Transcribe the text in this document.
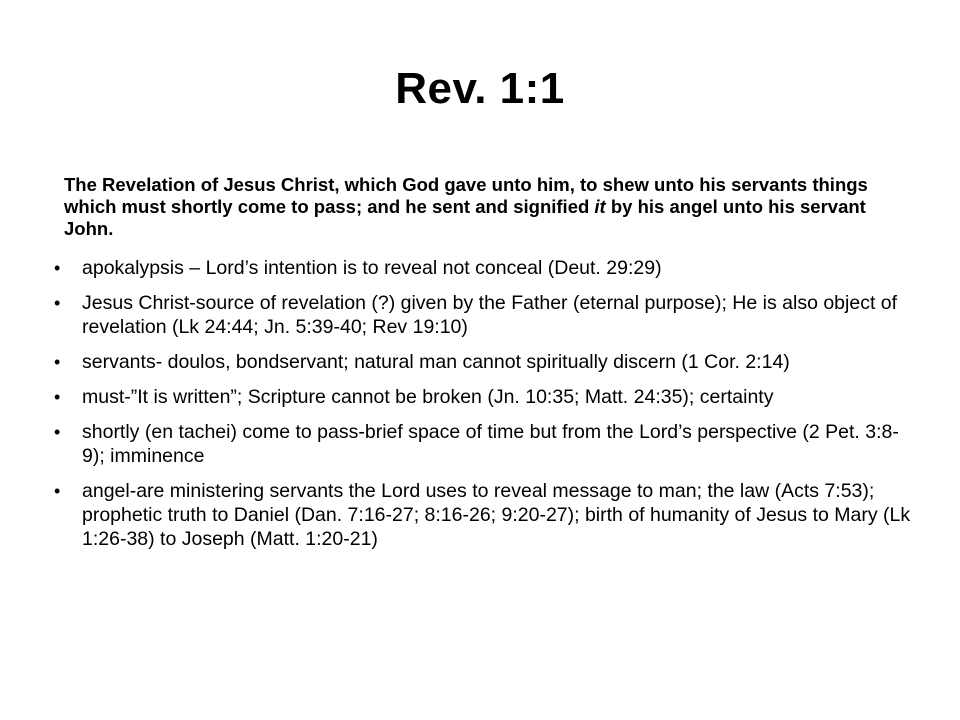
Rev. 1:1
The Revelation of Jesus Christ, which God gave unto him, to shew unto his servants things which must shortly come to pass; and he sent and signified it by his angel unto his servant John.
•	apokalypsis – Lord’s intention is to reveal not conceal (Deut. 29:29)
•	Jesus Christ-source of revelation (?) given by the Father (eternal purpose); He is also object of revelation (Lk 24:44; Jn. 5:39-40; Rev 19:10)
•	servants- doulos, bondservant; natural man cannot spiritually discern (1 Cor. 2:14)
•	must-”It is written”; Scripture cannot be broken (Jn. 10:35; Matt. 24:35); certainty
•	shortly (en tachei) come to pass-brief space of time but from the Lord’s perspective (2 Pet. 3:8-9); imminence
•	angel-are ministering servants the Lord uses to reveal message to man; the law (Acts 7:53); prophetic truth to Daniel (Dan. 7:16-27; 8:16-26; 9:20-27); birth of humanity of Jesus to Mary (Lk 1:26-38) to Joseph (Matt. 1:20-21)
